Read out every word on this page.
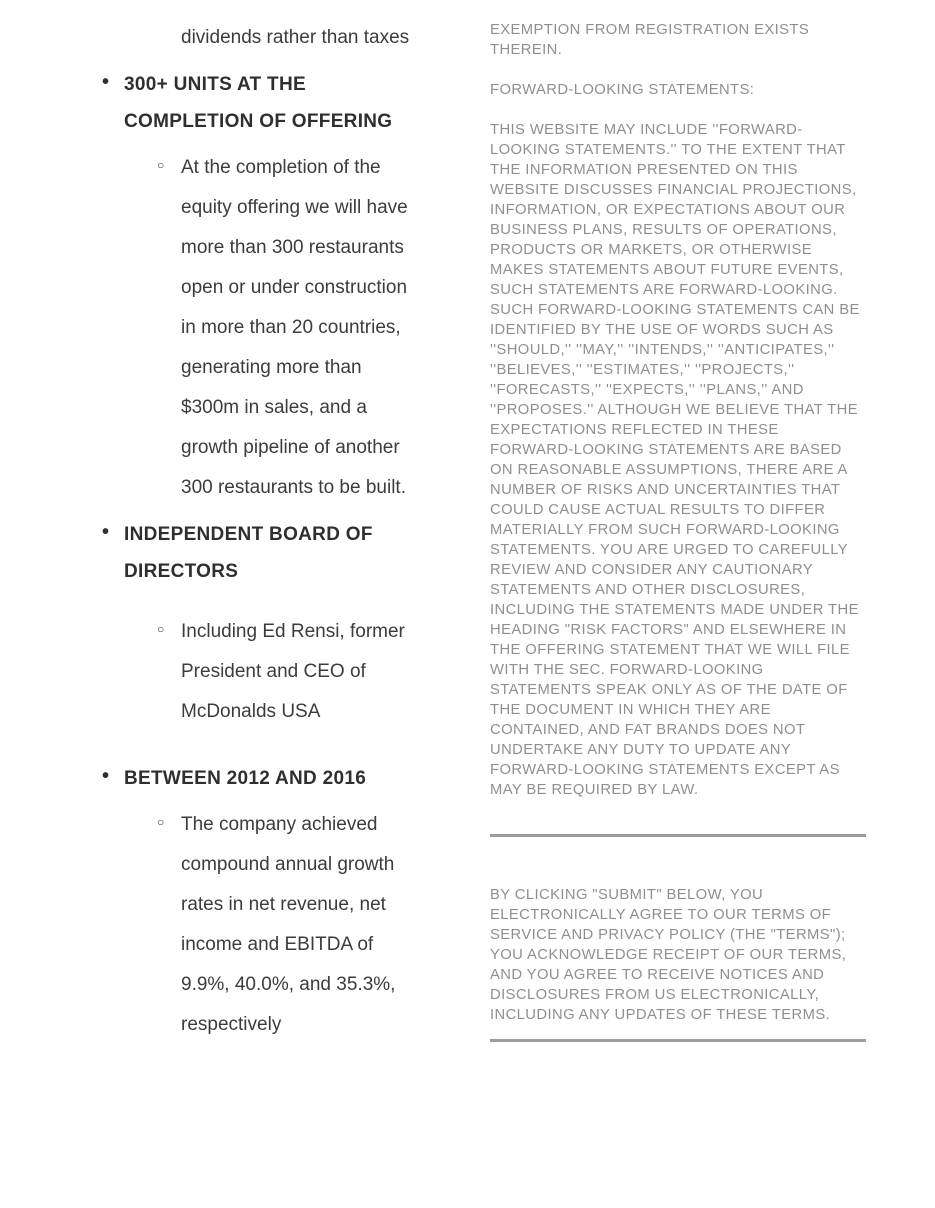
dividends rather than taxes
•
300+ UNITS AT THE COMPLETION OF OFFERING
○
At the completion of the equity offering we will have more than 300 restaurants open or under construction in more than 20 countries, generating more than $300m in sales, and a growth pipeline of another 300 restaurants to be built.
•
INDEPENDENT BOARD OF DIRECTORS
○
Including Ed Rensi, former President and CEO of McDonalds USA
•
BETWEEN 2012 AND 2016
○
The company achieved compound annual growth rates in net revenue, net income and EBITDA of 9.9%, 40.0%, and 35.3%, respectively

EXEMPTION FROM REGISTRATION EXISTS THEREIN.

FORWARD-LOOKING STATEMENTS:

THIS WEBSITE MAY INCLUDE ''FORWARD-LOOKING STATEMENTS.'' TO THE EXTENT THAT THE INFORMATION PRESENTED ON THIS WEBSITE DISCUSSES FINANCIAL PROJECTIONS, INFORMATION, OR EXPECTATIONS ABOUT OUR BUSINESS PLANS, RESULTS OF OPERATIONS, PRODUCTS OR MARKETS, OR OTHERWISE MAKES STATEMENTS ABOUT FUTURE EVENTS, SUCH STATEMENTS ARE FORWARD-LOOKING. SUCH FORWARD-LOOKING STATEMENTS CAN BE IDENTIFIED BY THE USE OF WORDS SUCH AS ''SHOULD,'' ''MAY,'' ''INTENDS,'' ''ANTICIPATES,'' ''BELIEVES,'' ''ESTIMATES,'' ''PROJECTS,'' ''FORECASTS,'' ''EXPECTS,'' ''PLANS,'' AND ''PROPOSES.'' ALTHOUGH WE BELIEVE THAT THE EXPECTATIONS REFLECTED IN THESE FORWARD-LOOKING STATEMENTS ARE BASED ON REASONABLE ASSUMPTIONS, THERE ARE A NUMBER OF RISKS AND UNCERTAINTIES THAT COULD CAUSE ACTUAL RESULTS TO DIFFER MATERIALLY FROM SUCH FORWARD-LOOKING STATEMENTS. YOU ARE URGED TO CAREFULLY REVIEW AND CONSIDER ANY CAUTIONARY STATEMENTS AND OTHER DISCLOSURES, INCLUDING THE STATEMENTS MADE UNDER THE HEADING "RISK FACTORS" AND ELSEWHERE IN THE OFFERING STATEMENT THAT WE WILL FILE WITH THE SEC. FORWARD-LOOKING STATEMENTS SPEAK ONLY AS OF THE DATE OF THE DOCUMENT IN WHICH THEY ARE CONTAINED, AND FAT BRANDS DOES NOT UNDERTAKE ANY DUTY TO UPDATE ANY FORWARD-LOOKING STATEMENTS EXCEPT AS MAY BE REQUIRED BY LAW.

BY CLICKING "SUBMIT" BELOW, YOU ELECTRONICALLY AGREE TO OUR TERMS OF SERVICE AND PRIVACY POLICY (THE "TERMS"); YOU ACKNOWLEDGE RECEIPT OF OUR TERMS, AND YOU AGREE TO RECEIVE NOTICES AND DISCLOSURES FROM US ELECTRONICALLY, INCLUDING ANY UPDATES OF THESE TERMS.
